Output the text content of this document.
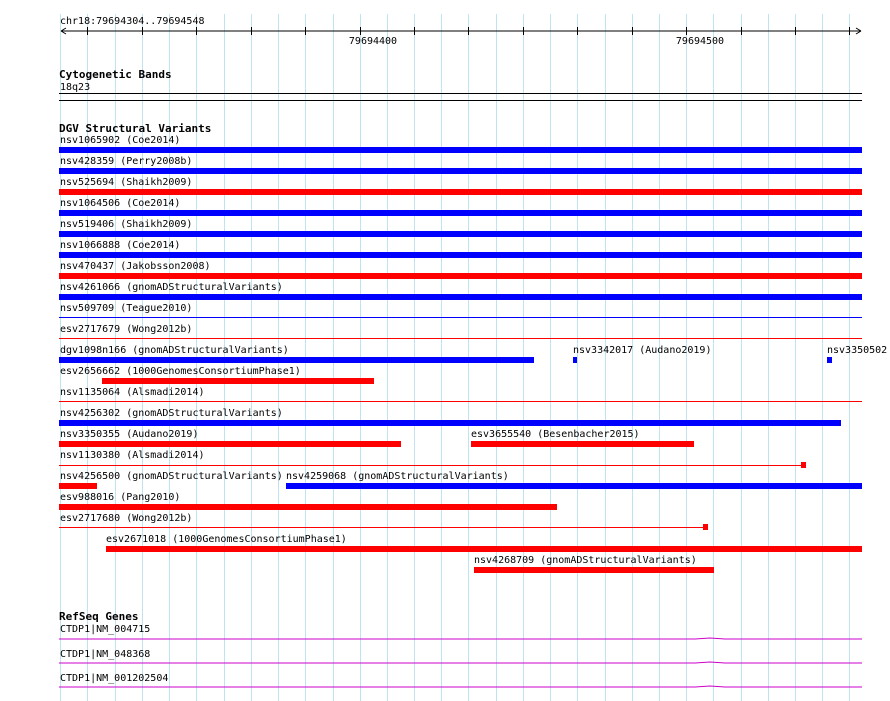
chr18:79694304..79694548
79694400	79694500
Cytogenetic Bands
18q23
DGV Structural Variants
nsv1065902 (Coe2014)
nsv428359 (Perry2008b)
nsv525694 (Shaikh2009)
nsv1064506 (Coe2014)
nsv519406 (Shaikh2009)
nsv1066888 (Coe2014)
nsv470437 (Jakobsson2008)
nsv4261066 (gnomADStructuralVariants)
nsv509709 (Teague2010)
esv2717679 (Wong2012b)
dgv1098n166 (gnomADStructuralVariants)	nsv3342017 (Audano2019)	nsv3350502
esv2656662 (1000GenomesConsortiumPhase1)
nsv1135064 (Alsmadi2014)
nsv4256302 (gnomADStructuralVariants)
nsv3350355 (Audano2019)	esv3655540 (Besenbacher2015)
nsv1130380 (Alsmadi2014)
nsv4256500 (gnomADStructuralVariants) nsv4259068 (gnomADStructuralVariants)
esv988016 (Pang2010)
esv2717680 (Wong2012b)
esv2671018 (1000GenomesConsortiumPhase1)
nsv4268709 (gnomADStructuralVariants)
RefSeq Genes
CTDP1|NM_004715
CTDP1|NM_048368
CTDP1|NM_001202504
